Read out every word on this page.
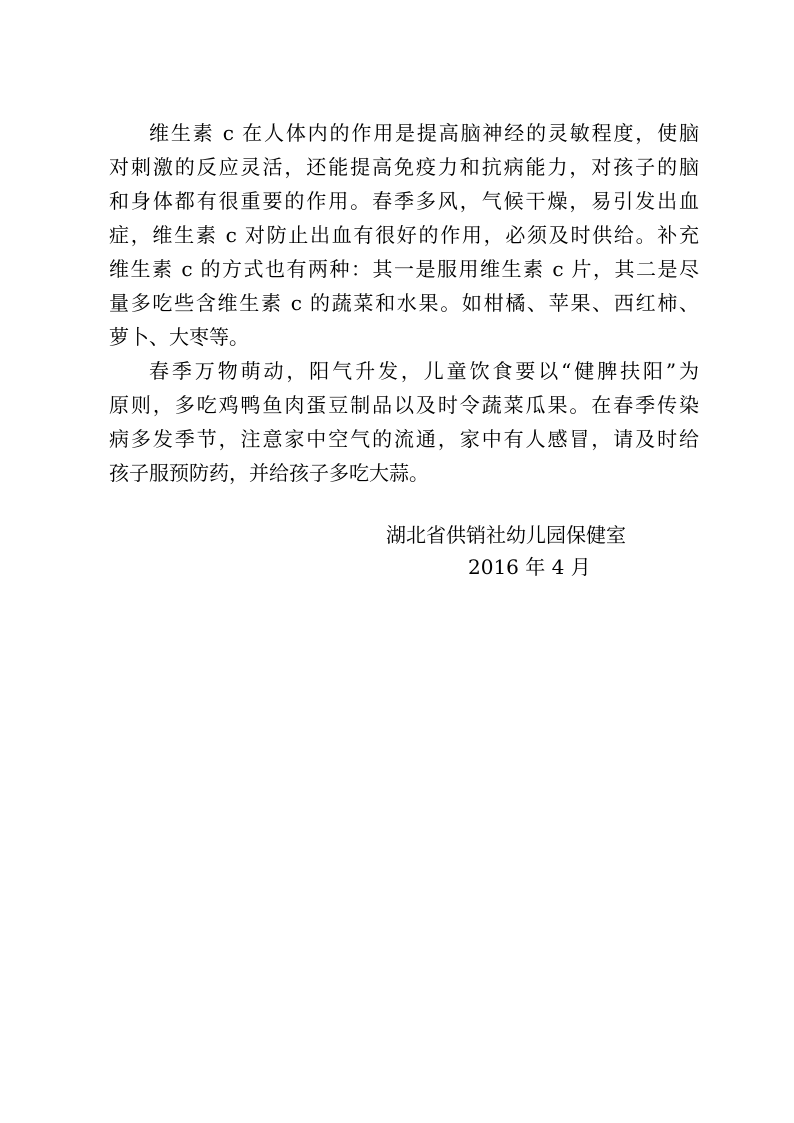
维生素 c 在人体内的作用是提高脑神经的灵敏程度，使脑
对刺激的反应灵活，还能提高免疫力和抗病能力，对孩子的脑
和身体都有很重要的作用。春季多风，气候干燥，易引发出血
症，维生素 c 对防止出血有很好的作用，必须及时供给。补充
维生素 c 的方式也有两种：其一是服用维生素 c 片，其二是尽
量多吃些含维生素 c 的蔬菜和水果。如柑橘、苹果、西红柿、
萝卜、大枣等。
春季万物萌动，阳气升发，儿童饮食要以“健脾扶阳”为
原则，多吃鸡鸭鱼肉蛋豆制品以及时令蔬菜瓜果。在春季传染
病多发季节，注意家中空气的流通，家中有人感冒，请及时给
孩子服预防药，并给孩子多吃大蒜。
湖北省供销社幼儿园保健室
2016 年 4 月
